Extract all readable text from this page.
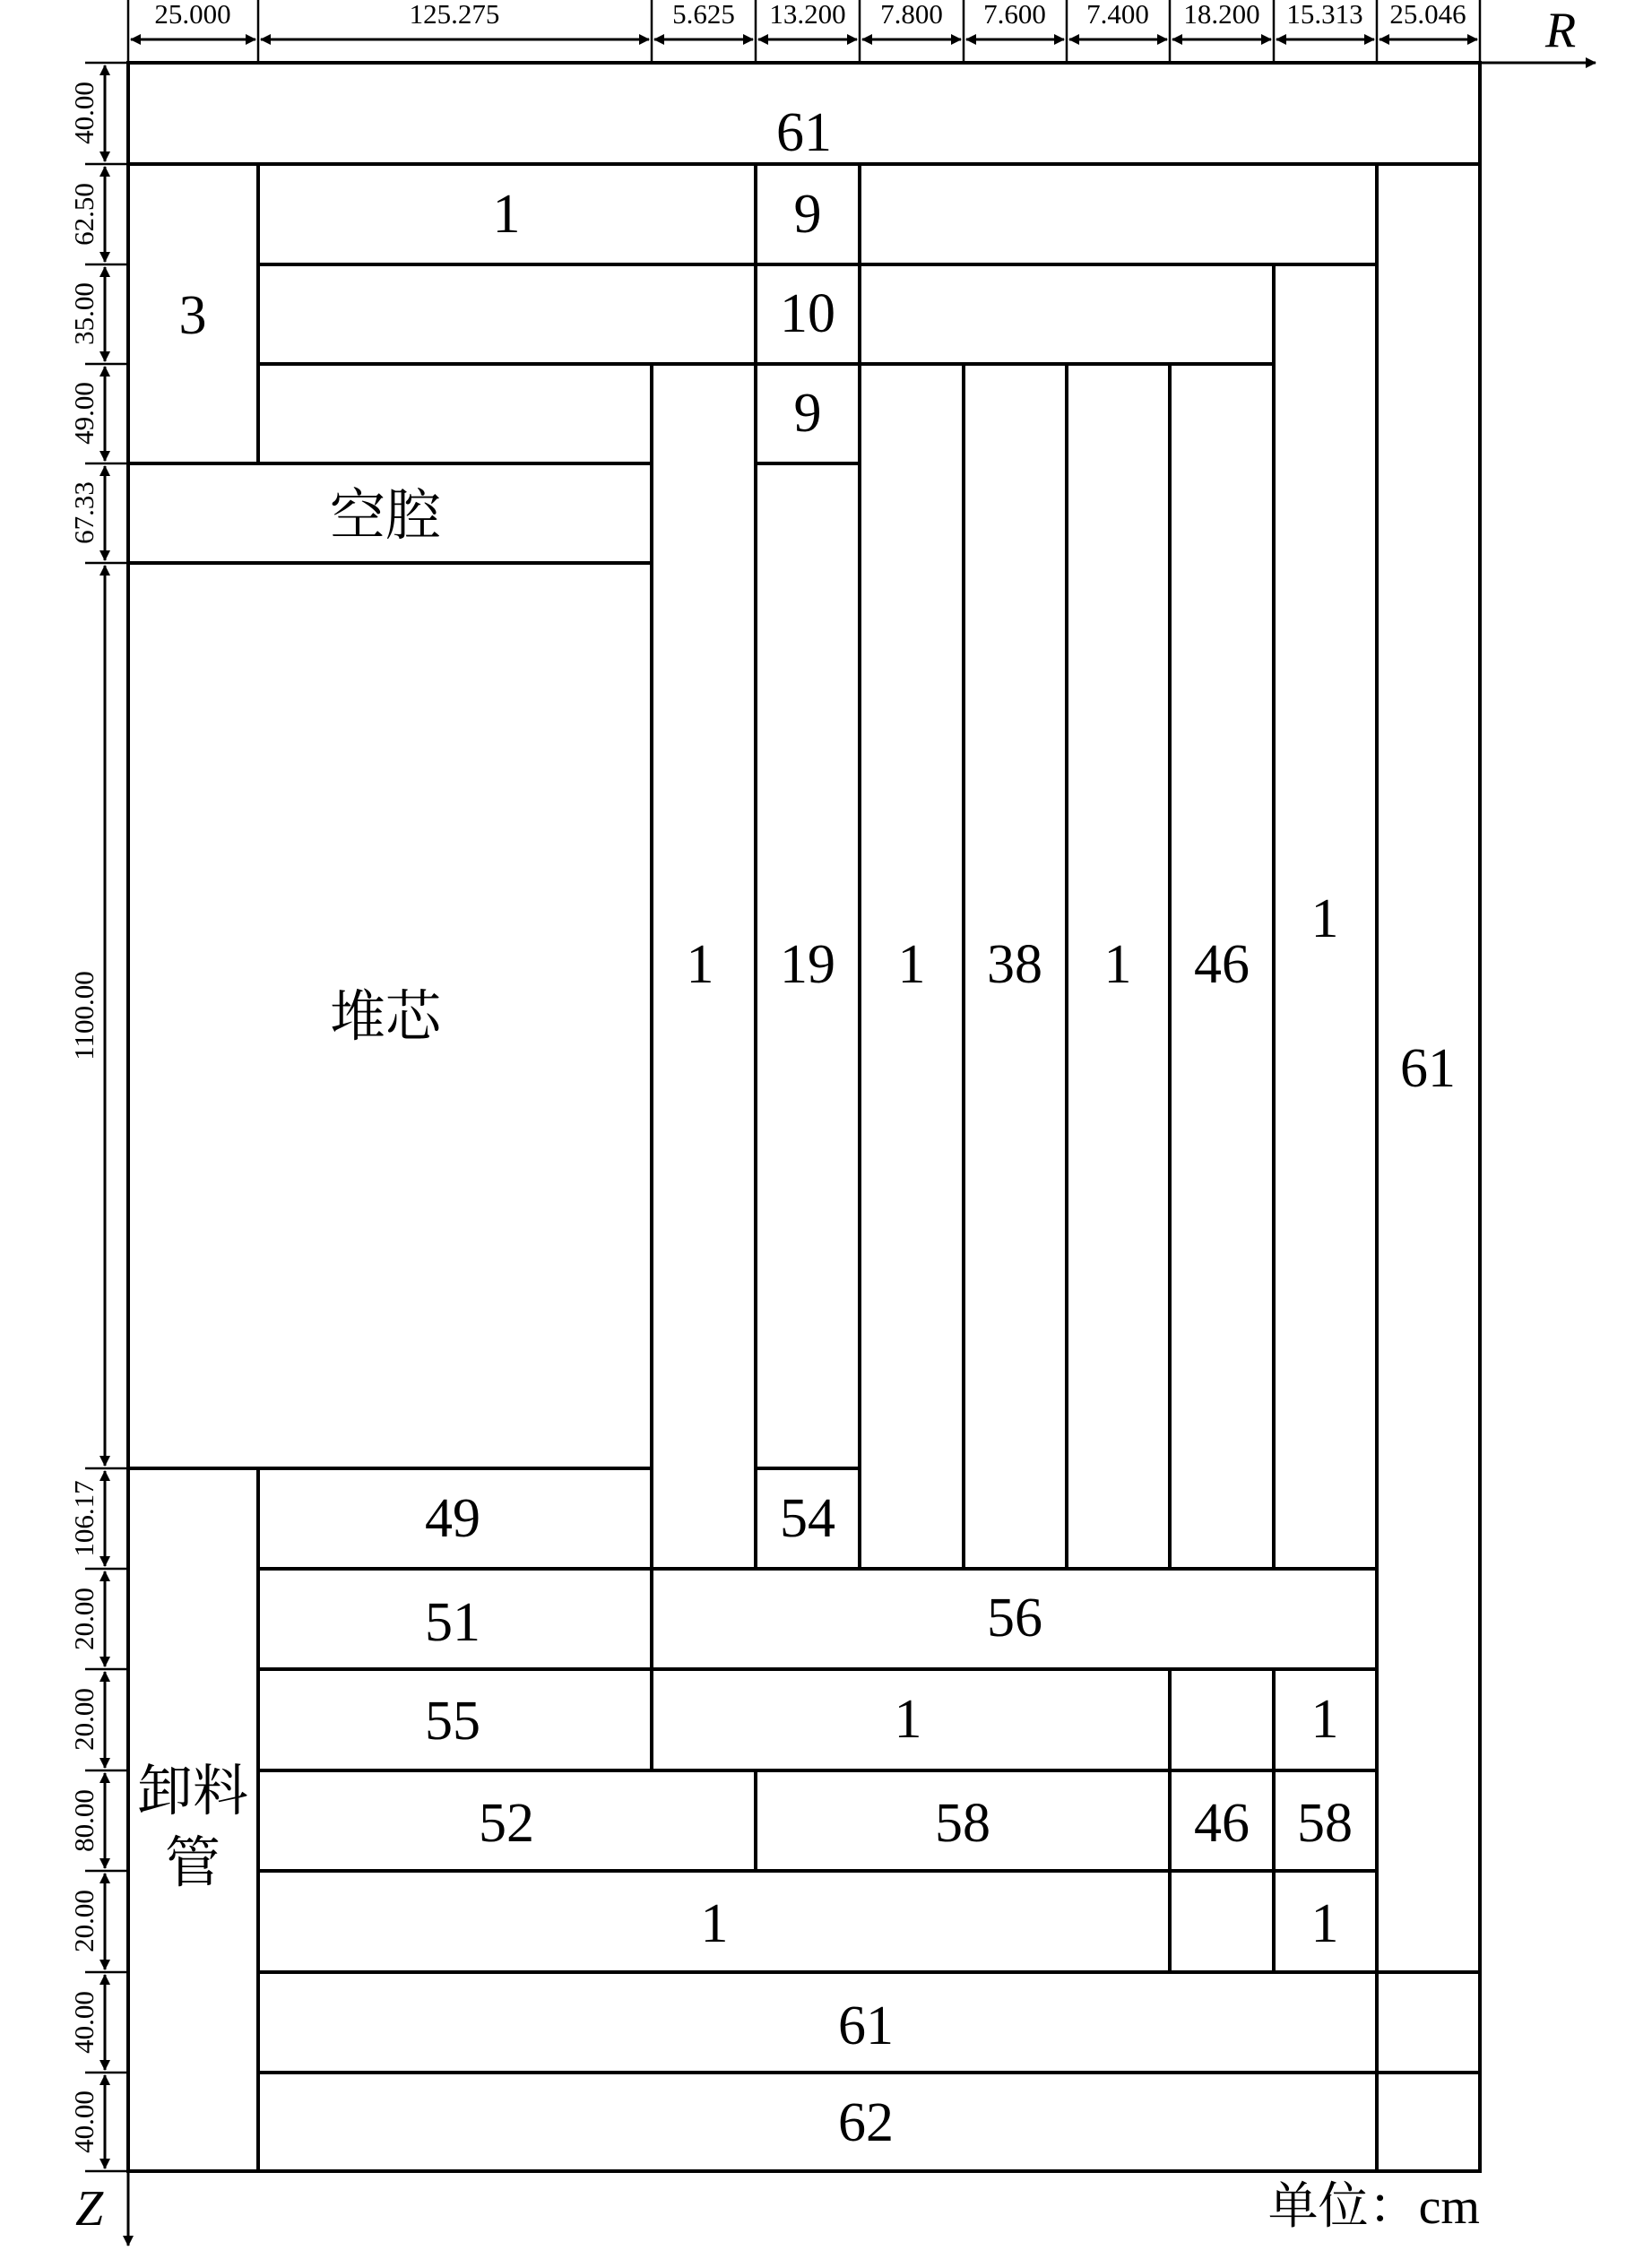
25.000	125.275	5.625 13.200 7.800 7.600 7.400 18.200 15.313 25.046 R
40.00
62.50
35.00
49.00
67.33
1100.00
106.17
20.00
20.00
80.00
20.00
40.00
40.00
Z
61
1	9
10
9
3
空腔
堆芯
1 19 1 38 1 46
1
61
49	54
51	56
55	1	1
52	58	46 58
1	1
61
62
卸料
管
单位：cm
